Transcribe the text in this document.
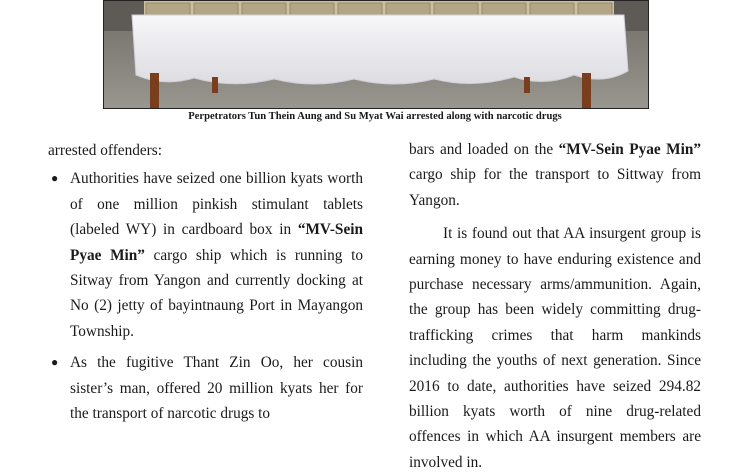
Perpetrators Tun Thein Aung and Su Myat Wai arrested along with narcotic drugs

arrested offenders:

● Authorities have seized one billion kyats worth of one million pinkish stimulant tablets (labeled WY) in cardboard box in “MV-Sein Pyae Min” cargo ship which is running to Sitway from Yangon and currently docking at No (2) jetty of bayintnaung Port in Mayangon Township.
● As the fugitive Thant Zin Oo, her cousin sister’s man, offered 20 million kyats her for the transport of narcotic drugs to

bars and loaded on the “MV-Sein Pyae Min” cargo ship for the transport to Sittway from Yangon.

It is found out that AA insurgent group is earning money to have enduring existence and purchase necessary arms/ammunition. Again, the group has been widely committing drug-trafficking crimes that harm mankinds including the youths of next generation. Since 2016 to date, authorities have seized 294.82 billion kyats worth of nine drug-related offences in which AA insurgent members are involved in.
